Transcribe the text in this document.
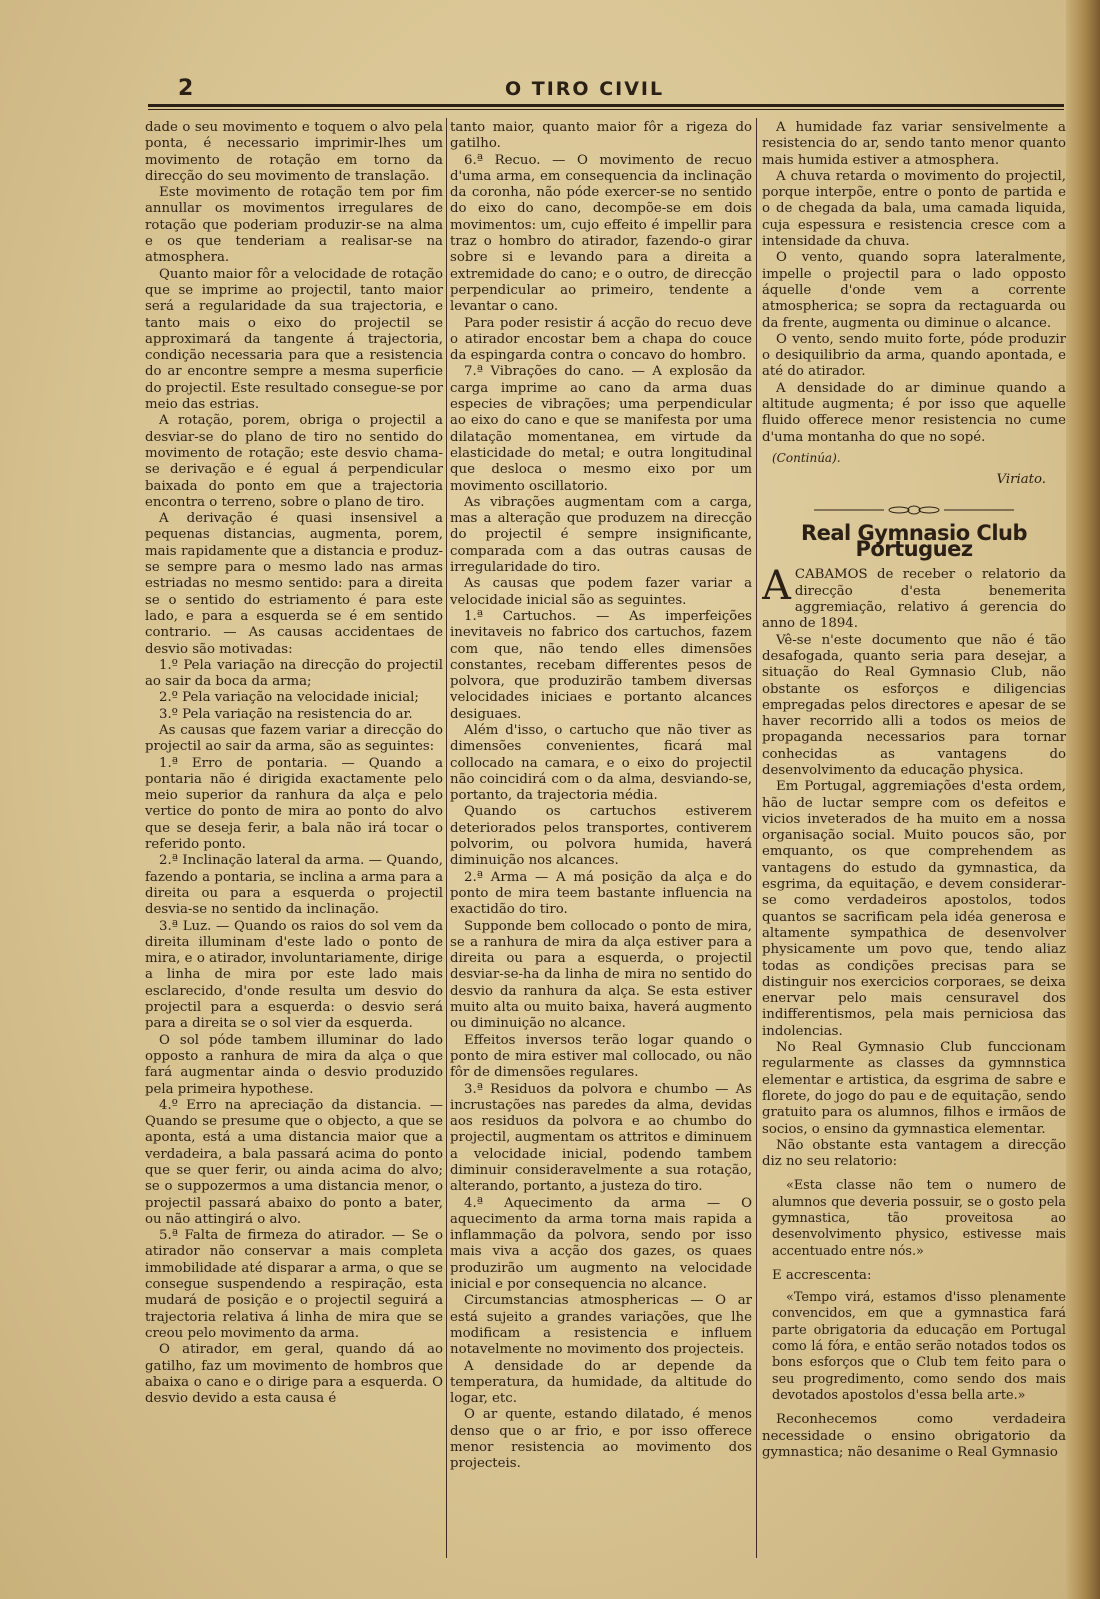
2	O TIRO CIVIL

dade o seu movimento e toquem o alvo pela ponta, é necessario imprimir-lhes um movimento de rotação em torno da direcção do seu movimento de translação.

Este movimento de rotação tem por fim annullar os movimentos irregulares de rotação que poderiam produzir-se na alma e os que tenderiam a realisar-se na atmosphera.

Quanto maior fôr a velocidade de rotação que se imprime ao projectil, tanto maior será a regularidade da sua trajectoria, e tanto mais o eixo do projectil se approximará da tangente á trajectoria, condição necessaria para que a resistencia do ar encontre sempre a mesma superficie do projectil. Este resultado consegue-se por meio das estrias.

A rotação, porem, obriga o projectil a desviar-se do plano de tiro no sentido do movimento de rotação; este desvio chama-se derivação e é egual á perpendicular baixada do ponto em que a trajectoria encontra o terreno, sobre o plano de tiro.

A derivação é quasi insensivel a pequenas distancias, augmenta, porem, mais rapidamente que a distancia e produz-se sempre para o mesmo lado nas armas estriadas no mesmo sentido: para a direita se o sentido do estriamento é para este lado, e para a esquerda se é em sentido contrario. — As causas accidentaes de desvio são motivadas:

1.º Pela variação na direcção do projectil ao sair da boca da arma;

2.º Pela variação na velocidade inicial;

3.º Pela variação na resistencia do ar.

As causas que fazem variar a direcção do projectil ao sair da arma, são as seguintes:

1.ª Erro de pontaria. — Quando a pontaria não é dirigida exactamente pelo meio superior da ranhura da alça e pelo vertice do ponto de mira ao ponto do alvo que se deseja ferir, a bala não irá tocar o referido ponto.

2.ª Inclinação lateral da arma. — Quando, fazendo a pontaria, se inclina a arma para a direita ou para a esquerda o projectil desvia-se no sentido da inclinação.

3.ª Luz. — Quando os raios do sol vem da direita illuminam d'este lado o ponto de mira, e o atirador, involuntariamente, dirige a linha de mira por este lado mais esclarecido, d'onde resulta um desvio do projectil para a esquerda: o desvio será para a direita se o sol vier da esquerda.

O sol póde tambem illuminar do lado opposto a ranhura de mira da alça o que fará augmentar ainda o desvio produzido pela primeira hypothese.

4.º Erro na apreciação da distancia. — Quando se presume que o objecto, a que se aponta, está a uma distancia maior que a verdadeira, a bala passará acima do ponto que se quer ferir, ou ainda acima do alvo; se o suppozermos a uma distancia menor, o projectil passará abaixo do ponto a bater, ou não attingirá o alvo.

5.ª Falta de firmeza do atirador. — Se o atirador não conservar a mais completa immobilidade até disparar a arma, o que se consegue suspendendo a respiração, esta mudará de posição e o projectil seguirá a trajectoria relativa á linha de mira que se creou pelo movimento da arma.

O atirador, em geral, quando dá ao gatilho, faz um movimento de hombros que abaixa o cano e o dirige para a esquerda. O desvio devido a esta causa é

tanto maior, quanto maior fôr a rigeza do gatilho.

6.ª Recuo. — O movimento de recuo d'uma arma, em consequencia da inclinação da coronha, não póde exercer-se no sentido do eixo do cano, decompõe-se em dois movimentos: um, cujo effeito é impellir para traz o hombro do atirador, fazendo-o girar sobre si e levando para a direita a extremidade do cano; e o outro, de direcção perpendicular ao primeiro, tendente a levantar o cano.

Para poder resistir á acção do recuo deve o atirador encostar bem a chapa do couce da espingarda contra o concavo do hombro.

7.ª Vibrações do cano. — A explosão da carga imprime ao cano da arma duas especies de vibrações; uma perpendicular ao eixo do cano e que se manifesta por uma dilatação momentanea, em virtude da elasticidade do metal; e outra longitudinal que desloca o mesmo eixo por um movimento oscillatorio.

As vibrações augmentam com a carga, mas a alteração que produzem na direcção do projectil é sempre insignificante, comparada com a das outras causas de irregularidade do tiro.

As causas que podem fazer variar a velocidade inicial são as seguintes.

1.ª Cartuchos. — As imperfeições inevitaveis no fabrico dos cartuchos, fazem com que, não tendo elles dimensões constantes, recebam differentes pesos de polvora, que produzirão tambem diversas velocidades iniciaes e portanto alcances desiguaes.

Além d'isso, o cartucho que não tiver as dimensões convenientes, ficará mal collocado na camara, e o eixo do projectil não coincidirá com o da alma, desviando-se, portanto, da trajectoria média.

Quando os cartuchos estiverem deteriorados pelos transportes, contiverem polvorim, ou polvora humida, haverá diminuição nos alcances.

2.ª Arma — A má posição da alça e do ponto de mira teem bastante influencia na exactidão do tiro.

Supponde bem collocado o ponto de mira, se a ranhura de mira da alça estiver para a direita ou para a esquerda, o projectil desviar-se-ha da linha de mira no sentido do desvio da ranhura da alça. Se esta estiver muito alta ou muito baixa, haverá augmento ou diminuição no alcance.

Effeitos inversos terão logar quando o ponto de mira estiver mal collocado, ou não fôr de dimensões regulares.

3.ª Residuos da polvora e chumbo — As incrustações nas paredes da alma, devidas aos residuos da polvora e ao chumbo do projectil, augmentam os attritos e diminuem a velocidade inicial, podendo tambem diminuir consideravelmente a sua rotação, alterando, portanto, a justeza do tiro.

4.ª Aquecimento da arma — O aquecimento da arma torna mais rapida a inflammação da polvora, sendo por isso mais viva a acção dos gazes, os quaes produzirão um augmento na velocidade inicial e por consequencia no alcance.

Circumstancias atmosphericas — O ar está sujeito a grandes variações, que lhe modificam a resistencia e influem notavelmente no movimento dos projecteis.

A densidade do ar depende da temperatura, da humidade, da altitude do logar, etc.

O ar quente, estando dilatado, é menos denso que o ar frio, e por isso offerece menor resistencia ao movimento dos projecteis.

A humidade faz variar sensivelmente a resistencia do ar, sendo tanto menor quanto mais humida estiver a atmosphera.

A chuva retarda o movimento do projectil, porque interpõe, entre o ponto de partida e o de chegada da bala, uma camada liquida, cuja espessura e resistencia cresce com a intensidade da chuva.

O vento, quando sopra lateralmente, impelle o projectil para o lado opposto áquelle d'onde vem a corrente atmospherica; se sopra da rectaguarda ou da frente, augmenta ou diminue o alcance.

O vento, sendo muito forte, póde produzir o desiquilibrio da arma, quando apontada, e até do atirador.

A densidade do ar diminue quando a altitude augmenta; é por isso que aquelle fluido offerece menor resistencia no cume d'uma montanha do que no sopé.

(Continúa).
Viriato.
Real Gymnasio Club Portuguez

ACABAMOS de receber o relatorio da direcção d'esta benemerita aggremiação, relativo á gerencia do anno de 1894.

Vê-se n'este documento que não é tão desafogada, quanto seria para desejar, a situação do Real Gymnasio Club, não obstante os esforços e diligencias empregadas pelos directores e apesar de se haver recorrido alli a todos os meios de propaganda necessarios para tornar conhecidas as vantagens do desenvolvimento da educação physica.

Em Portugal, aggremiações d'esta ordem, hão de luctar sempre com os defeitos e vicios inveterados de ha muito em a nossa organisação social. Muito poucos são, por emquanto, os que comprehendem as vantagens do estudo da gymnastica, da esgrima, da equitação, e devem considerar-se como verdadeiros apostolos, todos quantos se sacrificam pela idéa generosa e altamente sympathica de desenvolver physicamente um povo que, tendo aliaz todas as condições precisas para se distinguir nos exercicios corporaes, se deixa enervar pelo mais censuravel dos indifferentismos, pela mais perniciosa das indolencias.

No Real Gymnasio Club funccionam regularmente as classes da gymnnstica elementar e artistica, da esgrima de sabre e florete, do jogo do pau e de equitação, sendo gratuito para os alumnos, filhos e irmãos de socios, o ensino da gymnastica elementar.

Não obstante esta vantagem a direcção diz no seu relatorio:

«Esta classe não tem o numero de alumnos que deveria possuir, se o gosto pela gymnastica, tão proveitosa ao desenvolvimento physico, estivesse mais accentuado entre nós.»

E accrescenta:

«Tempo virá, estamos d'isso plenamente convencidos, em que a gymnastica fará parte obrigatoria da educação em Portugal como lá fóra, e então serão notados todos os bons esforços que o Club tem feito para o seu progredimento, como sendo dos mais devotados apostolos d'essa bella arte.»

Reconhecemos como verdadeira necessidade o ensino obrigatorio da gymnastica; não desanime o Real Gymnasio
